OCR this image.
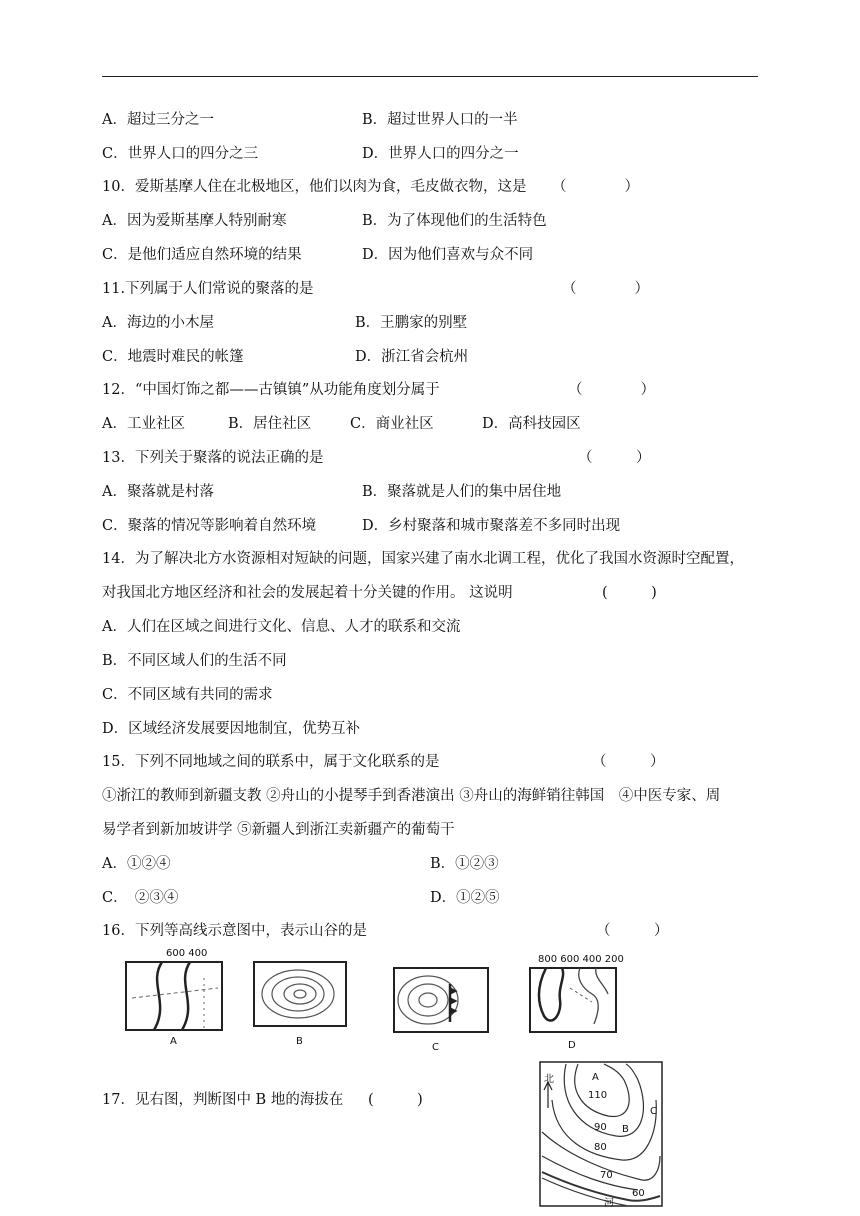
A．超过三分之一	B．超过世界人口的一半
C．世界人口的四分之三	D．世界人口的四分之一
10．爱斯基摩人住在北极地区，他们以肉为食，毛皮做衣物，这是 （　　　　）
A．因为爱斯基摩人特别耐寒	B．为了体现他们的生活特色
C．是他们适应自然环境的结果	D．因为他们喜欢与众不同
11.下列属于人们常说的聚落的是	（　　　　）
A．海边的小木屋	B．王鹏家的别墅
C．地震时难民的帐篷	D．浙江省会杭州
12．“中国灯饰之都——古镇镇”从功能角度划分属于	（　　　　）
A．工业社区	B．居住社区	C．商业社区	D．高科技园区
13．下列关于聚落的说法正确的是	（　　　）
A．聚落就是村落	B．聚落就是人们的集中居住地
C．聚落的情况等影响着自然环境	D．乡村聚落和城市聚落差不多同时出现
14．为了解决北方水资源相对短缺的问题，国家兴建了南水北调工程，优化了我国水资源时空配置，
对我国北方地区经济和社会的发展起着十分关键的作用。 这说明	(　　　)
A．人们在区域之间进行文化、信息、人才的联系和交流
B．不同区域人们的生活不同
C．不同区域有共同的需求
D．区域经济发展要因地制宜，优势互补
15．下列不同地域之间的联系中，属于文化联系的是	（　　　）
①浙江的教师到新疆支教 ②舟山的小提琴手到香港演出 ③舟山的海鲜销往韩国　④中医专家、周
易学者到新加坡讲学 ⑤新疆人到浙江卖新疆产的葡萄干
A．①②④	B．①②③
C．　②③④	D．①②⑤
16．下列等高线示意图中，表示山谷的是	（　　　）
600 400
A	B
C
800 600 400 200
D
17．见右图，判断图中 B 地的海拔在 (　　　)
北	A
110
90 B
80
70
60
C
河
